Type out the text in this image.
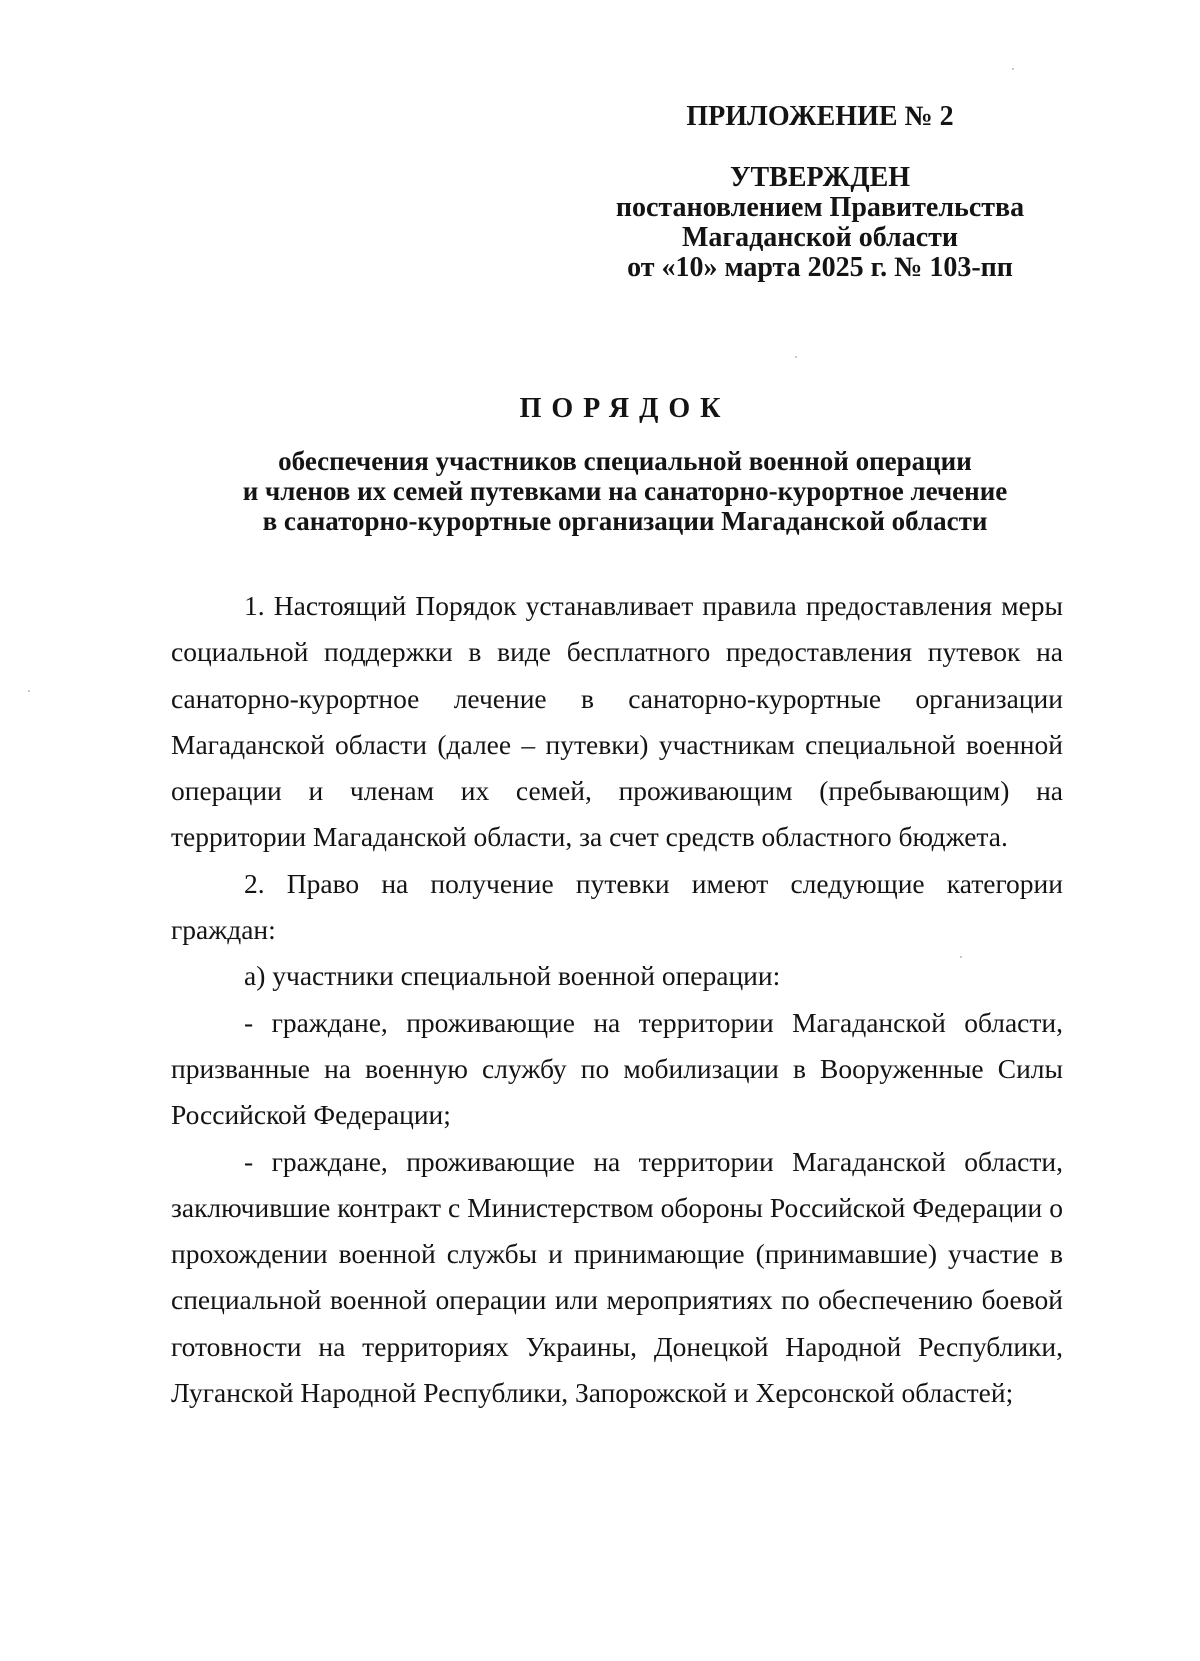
ПРИЛОЖЕНИЕ № 2
УТВЕРЖДЕН
постановлением Правительства
Магаданской области
от «10» марта 2025 г. № 103-пп
ПОРЯДОК
обеспечения участников специальной военной операции
и членов их семей путевками на санаторно-курортное лечение
в санаторно-курортные организации Магаданской области

1. Настоящий Порядок устанавливает правила предоставления меры социальной поддержки в виде бесплатного предоставления путевок на санаторно-курортное лечение в санаторно-курортные организации Магаданской области (далее – путевки) участникам специальной военной операции и членам их семей, проживающим (пребывающим) на территории Магаданской области, за счет средств областного бюджета.

2. Право на получение путевки имеют следующие категории граждан:

а) участники специальной военной операции:

- граждане, проживающие на территории Магаданской области, призванные на военную службу по мобилизации в Вооруженные Силы Российской Федерации;

- граждане, проживающие на территории Магаданской области, заключившие контракт с Министерством обороны Российской Федерации о прохождении военной службы и принимающие (принимавшие) участие в специальной военной операции или мероприятиях по обеспечению боевой готовности на территориях Украины, Донецкой Народной Республики, Луганской Народной Республики, Запорожской и Херсонской областей;
